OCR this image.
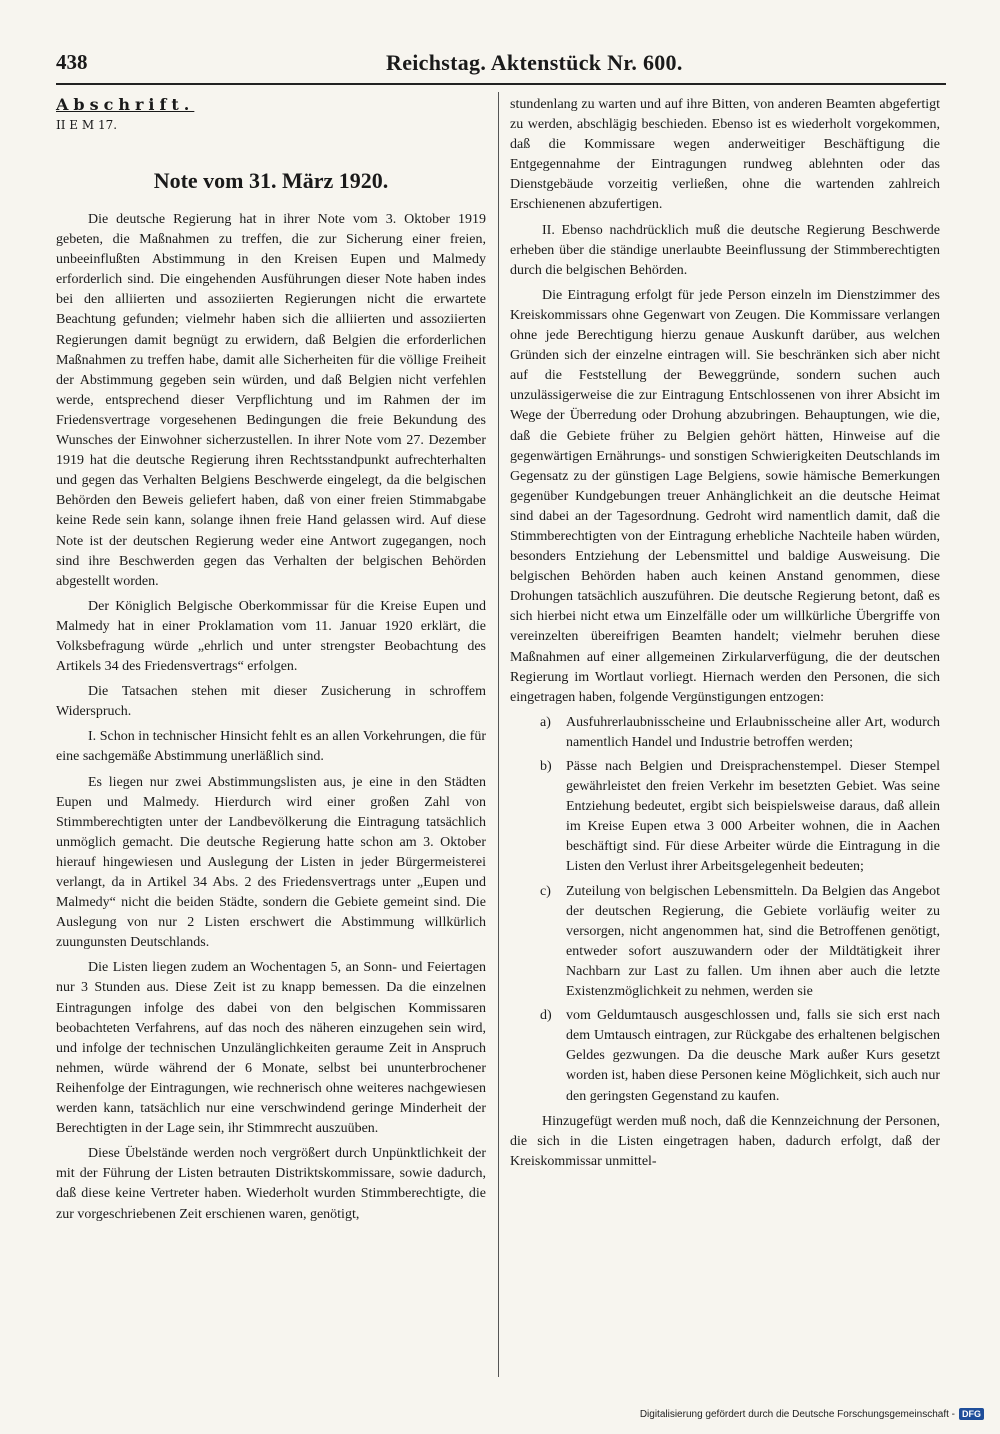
438	Reichstag. Aktenstück Nr. 600.
Abschrift.
II E M 17.
Note vom 31. März 1920.

Die deutsche Regierung hat in ihrer Note vom 3. Oktober 1919 gebeten, die Maßnahmen zu treffen, die zur Sicherung einer freien, unbeeinflußten Abstimmung in den Kreisen Eupen und Malmedy erforderlich sind. Die eingehenden Ausführungen dieser Note haben indes bei den alliierten und assoziierten Regierungen nicht die erwartete Beachtung gefunden; vielmehr haben sich die alliierten und assoziierten Regierungen damit begnügt zu erwidern, daß Belgien die erforderlichen Maßnahmen zu treffen habe, damit alle Sicherheiten für die völlige Freiheit der Abstimmung gegeben sein würden, und daß Belgien nicht verfehlen werde, entsprechend dieser Verpflichtung und im Rahmen der im Friedensvertrage vorgesehenen Bedingungen die freie Bekundung des Wunsches der Einwohner sicherzustellen. In ihrer Note vom 27. Dezember 1919 hat die deutsche Regierung ihren Rechtsstandpunkt aufrechterhalten und gegen das Verhalten Belgiens Beschwerde eingelegt, da die belgischen Behörden den Beweis geliefert haben, daß von einer freien Stimmabgabe keine Rede sein kann, solange ihnen freie Hand gelassen wird. Auf diese Note ist der deutschen Regierung weder eine Antwort zugegangen, noch sind ihre Beschwerden gegen das Verhalten der belgischen Behörden abgestellt worden.

Der Königlich Belgische Oberkommissar für die Kreise Eupen und Malmedy hat in einer Proklamation vom 11. Januar 1920 erklärt, die Volksbefragung würde „ehrlich und unter strengster Beobachtung des Artikels 34 des Friedensvertrags“ erfolgen.

Die Tatsachen stehen mit dieser Zusicherung in schroffem Widerspruch.

I. Schon in technischer Hinsicht fehlt es an allen Vorkehrungen, die für eine sachgemäße Abstimmung unerläßlich sind.

Es liegen nur zwei Abstimmungslisten aus, je eine in den Städten Eupen und Malmedy. Hierdurch wird einer großen Zahl von Stimmberechtigten unter der Landbevölkerung die Eintragung tatsächlich unmöglich gemacht. Die deutsche Regierung hatte schon am 3. Oktober hierauf hingewiesen und Auslegung der Listen in jeder Bürgermeisterei verlangt, da in Artikel 34 Abs. 2 des Friedensvertrags unter „Eupen und Malmedy“ nicht die beiden Städte, sondern die Gebiete gemeint sind. Die Auslegung von nur 2 Listen erschwert die Abstimmung willkürlich zuungunsten Deutschlands.

Die Listen liegen zudem an Wochentagen 5, an Sonn- und Feiertagen nur 3 Stunden aus. Diese Zeit ist zu knapp bemessen. Da die einzelnen Eintragungen infolge des dabei von den belgischen Kommissaren beobachteten Verfahrens, auf das noch des näheren einzugehen sein wird, und infolge der technischen Unzulänglichkeiten geraume Zeit in Anspruch nehmen, würde während der 6 Monate, selbst bei ununterbrochener Reihenfolge der Eintragungen, wie rechnerisch ohne weiteres nachgewiesen werden kann, tatsächlich nur eine verschwindend geringe Minderheit der Berechtigten in der Lage sein, ihr Stimmrecht auszuüben.

Diese Übelstände werden noch vergrößert durch Unpünktlichkeit der mit der Führung der Listen betrauten Distriktskommissare, sowie dadurch, daß diese keine Vertreter haben. Wiederholt wurden Stimmberechtigte, die zur vorgeschriebenen Zeit erschienen waren, genötigt,

stundenlang zu warten und auf ihre Bitten, von anderen Beamten abgefertigt zu werden, abschlägig beschieden. Ebenso ist es wiederholt vorgekommen, daß die Kommissare wegen anderweitiger Beschäftigung die Entgegennahme der Eintragungen rundweg ablehnten oder das Dienstgebäude vorzeitig verließen, ohne die wartenden zahlreich Erschienenen abzufertigen.

II. Ebenso nachdrücklich muß die deutsche Regierung Beschwerde erheben über die ständige unerlaubte Beeinflussung der Stimmberechtigten durch die belgischen Behörden.

Die Eintragung erfolgt für jede Person einzeln im Dienstzimmer des Kreiskommissars ohne Gegenwart von Zeugen. Die Kommissare verlangen ohne jede Berechtigung hierzu genaue Auskunft darüber, aus welchen Gründen sich der einzelne eintragen will. Sie beschränken sich aber nicht auf die Feststellung der Beweggründe, sondern suchen auch unzulässigerweise die zur Eintragung Entschlossenen von ihrer Absicht im Wege der Überredung oder Drohung abzubringen. Behauptungen, wie die, daß die Gebiete früher zu Belgien gehört hätten, Hinweise auf die gegenwärtigen Ernährungs- und sonstigen Schwierigkeiten Deutschlands im Gegensatz zu der günstigen Lage Belgiens, sowie hämische Bemerkungen gegenüber Kundgebungen treuer Anhänglichkeit an die deutsche Heimat sind dabei an der Tagesordnung. Gedroht wird namentlich damit, daß die Stimmberechtigten von der Eintragung erhebliche Nachteile haben würden, besonders Entziehung der Lebensmittel und baldige Ausweisung. Die belgischen Behörden haben auch keinen Anstand genommen, diese Drohungen tatsächlich auszuführen. Die deutsche Regierung betont, daß es sich hierbei nicht etwa um Einzelfälle oder um willkürliche Übergriffe von vereinzelten übereifrigen Beamten handelt; vielmehr beruhen diese Maßnahmen auf einer allgemeinen Zirkularverfügung, die der deutschen Regierung im Wortlaut vorliegt. Hiernach werden den Personen, die sich eingetragen haben, folgende Vergünstigungen entzogen:

a) Ausfuhrerlaubnisscheine und Erlaubnisscheine aller Art, wodurch namentlich Handel und Industrie betroffen werden;

b) Pässe nach Belgien und Dreisprachenstempel. Dieser Stempel gewährleistet den freien Verkehr im besetzten Gebiet. Was seine Entziehung bedeutet, ergibt sich beispielsweise daraus, daß allein im Kreise Eupen etwa 3 000 Arbeiter wohnen, die in Aachen beschäftigt sind. Für diese Arbeiter würde die Eintragung in die Listen den Verlust ihrer Arbeitsgelegenheit bedeuten;

c) Zuteilung von belgischen Lebensmitteln. Da Belgien das Angebot der deutschen Regierung, die Gebiete vorläufig weiter zu versorgen, nicht angenommen hat, sind die Betroffenen genötigt, entweder sofort auszuwandern oder der Mildtätigkeit ihrer Nachbarn zur Last zu fallen. Um ihnen aber auch die letzte Existenzmöglichkeit zu nehmen, werden sie

d) vom Geldumtausch ausgeschlossen und, falls sie sich erst nach dem Umtausch eintragen, zur Rückgabe des erhaltenen belgischen Geldes gezwungen. Da die deusche Mark außer Kurs gesetzt worden ist, haben diese Personen keine Möglichkeit, sich auch nur den geringsten Gegenstand zu kaufen.

Hinzugefügt werden muß noch, daß die Kennzeichnung der Personen, die sich in die Listen eingetragen haben, dadurch erfolgt, daß der Kreiskommissar unmittel-

Digitalisierung gefördert durch die Deutsche Forschungsgemeinschaft - DFG
